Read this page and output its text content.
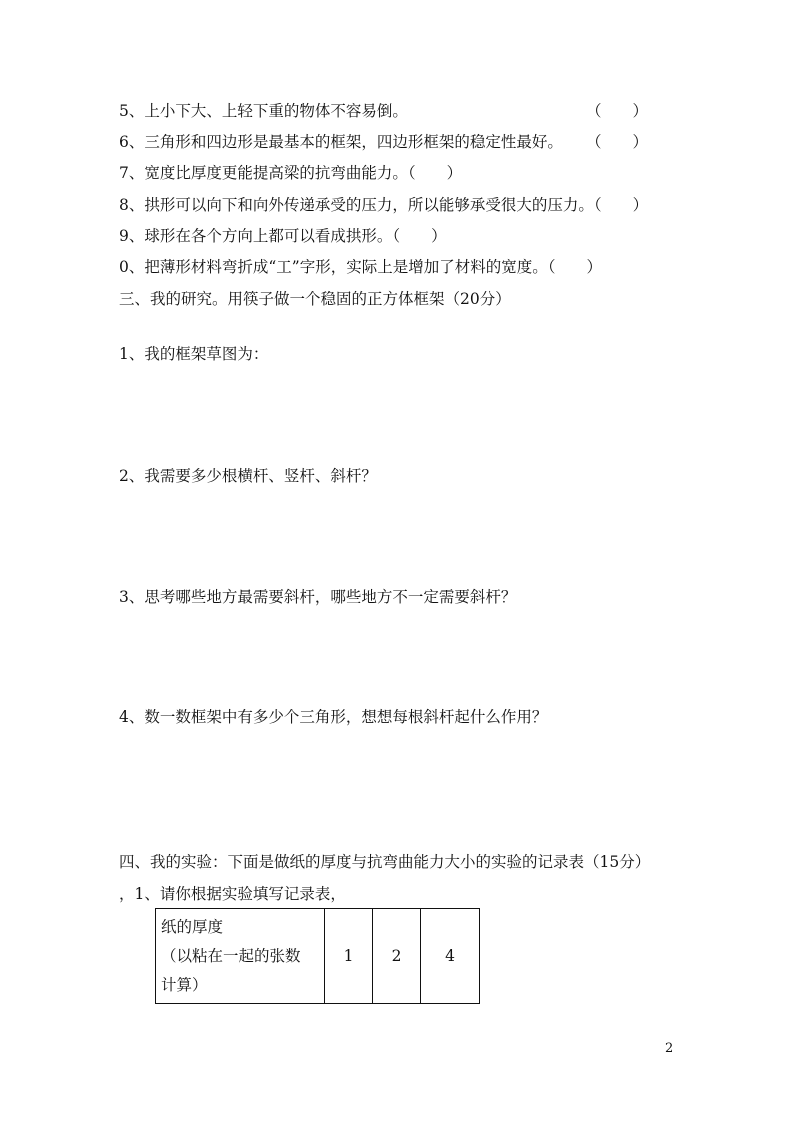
5、上小下大、上轻下重的物体不容易倒。	（　　）
6、三角形和四边形是最基本的框架，四边形框架的稳定性最好。 （　　）
7、宽度比厚度更能提高梁的抗弯曲能力。（　　）
8、拱形可以向下和向外传递承受的压力，所以能够承受很大的压力。（　　）
9、球形在各个方向上都可以看成拱形。（　　）
0、把薄形材料弯折成“工”字形，实际上是增加了材料的宽度。（　　）
三、我的研究。用筷子做一个稳固的正方体框架（20分）
1、我的框架草图为：
2、我需要多少根横杆、竖杆、斜杆？
3、思考哪些地方最需要斜杆，哪些地方不一定需要斜杆？
4、数一数框架中有多少个三角形，想想每根斜杆起什么作用？
四、我的实验：下面是做纸的厚度与抗弯曲能力大小的实验的记录表（15分）
，1、请你根据实验填写记录表，
纸的厚度
（以粘在一起的张数
计算）
	1	2	4
2
